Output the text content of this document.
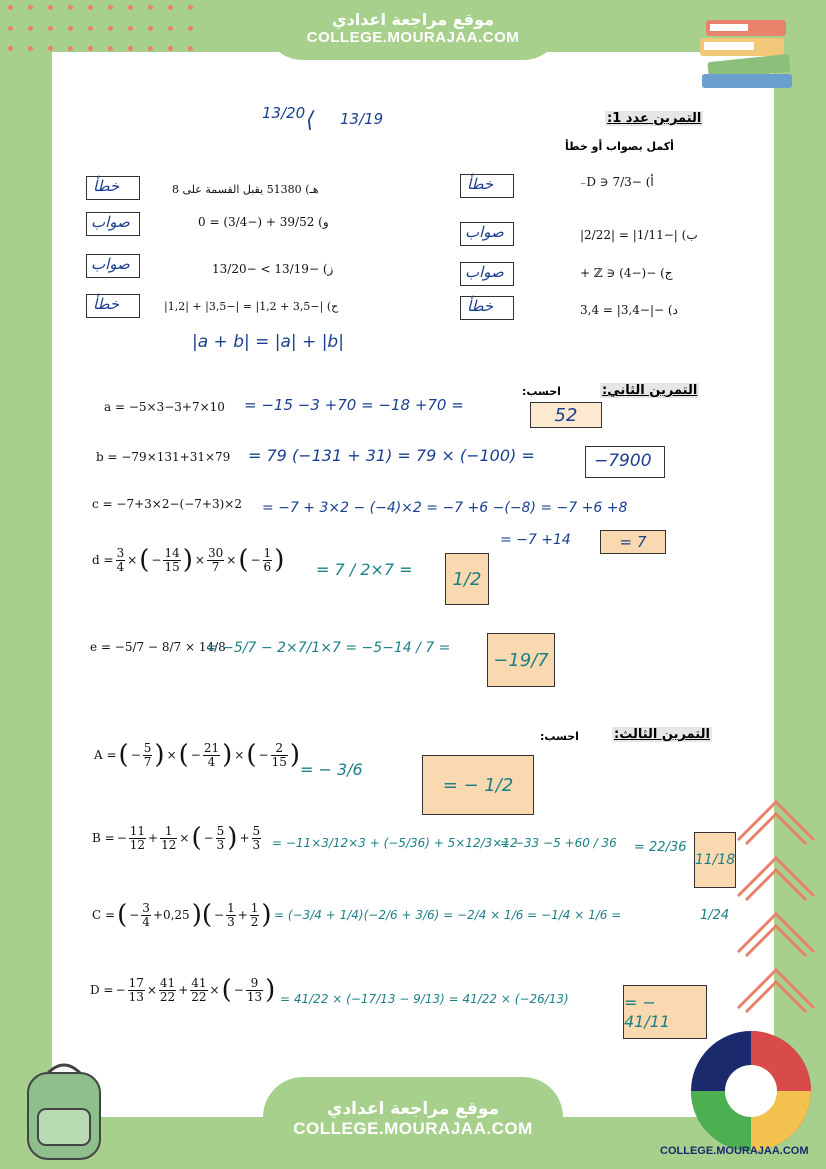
موقع مراجعة اعدادي
COLLEGE.MOURAJAA.COM
التمرين عدد 1:
أكمل بصواب أو خطأ
13/20 ⟨ 13/19
أ) −7/3 ∈ D₋
خطأ
ب) |−1/11| = |2/22|
صواب
ج) −(−4) ∈ ℤ +
صواب
د) −|−3,4| = 3,4
خطأ
هـ) 51380 يقبل القسمة على 8
خطأ
و) 39/52 + (−3/4) = 0
صواب
ز) −13/19 > −13/20
صواب
ح) |−3,5 + 1,2| = |−3,5| + |1,2|
خطأ
|a + b| = |a| + |b|
التمرين الثاني:
احسب:
a = −5×3−3+7×10 = −15 −3 +70 = −18 +70 =	52
b = −79×131+31×79 = 79 (−131 + 31) = 79 × (−100) =	−7900
c = −7+3×2−(−7+3)×2 = −7 + 3×2 − (−4)×2 = −7 +6 −(−8) = −7 +6 +8
= −7 +14	= 7
$d = \frac{3}{4}$ × ( − $\frac{14}{15}$ ) × $\frac{30}{7}$ × ( − $\frac{1}{6}$ ) = 7 / 2×7 = 1/2
e = −5/7 − 8/7 × 14/8
= −5/7 − 2×7/1×7 = −5−14 / 7 =
−19/7
التمرين الثالث:
احسب:
A = ( − $\frac{5}{7}$ ) × ( − $\frac{21}{4}$ ) × ( − $\frac{2}{15}$ ) = − 3/6
= − 1/2
B = − $\frac{11}{12} + \frac{1}{12}$ × ( − $\frac{5}{3}$ ) + $\frac{5}{3} = -11\times 3/12\times 3 + (-5/36) + 5\times 12/3\times 12$
= −33 −5 +60 / 36 = 22/36
11/18
C = ( − $\frac{3}{4} +0,25$ )( − $\frac{1}{3} + \frac{1}{2}$ ) = (−3/4 + 1/4)(−2/6 + 3/6) = −2/4 × 1/6 = −1/4 × 1/6 =	1/24
D = − $\frac{17}{13} \times \frac{41}{22} + \frac{41}{22}$ × ( − $\frac{9}{13}$ ) = 41/22 × (−17/13 − 9/13) = 41/22 × (−26/13)	= − 41/11
موقع مراجعة اعدادي
COLLEGE.MOURAJAA.COM
COLLEGE.MOURAJAA.COM
